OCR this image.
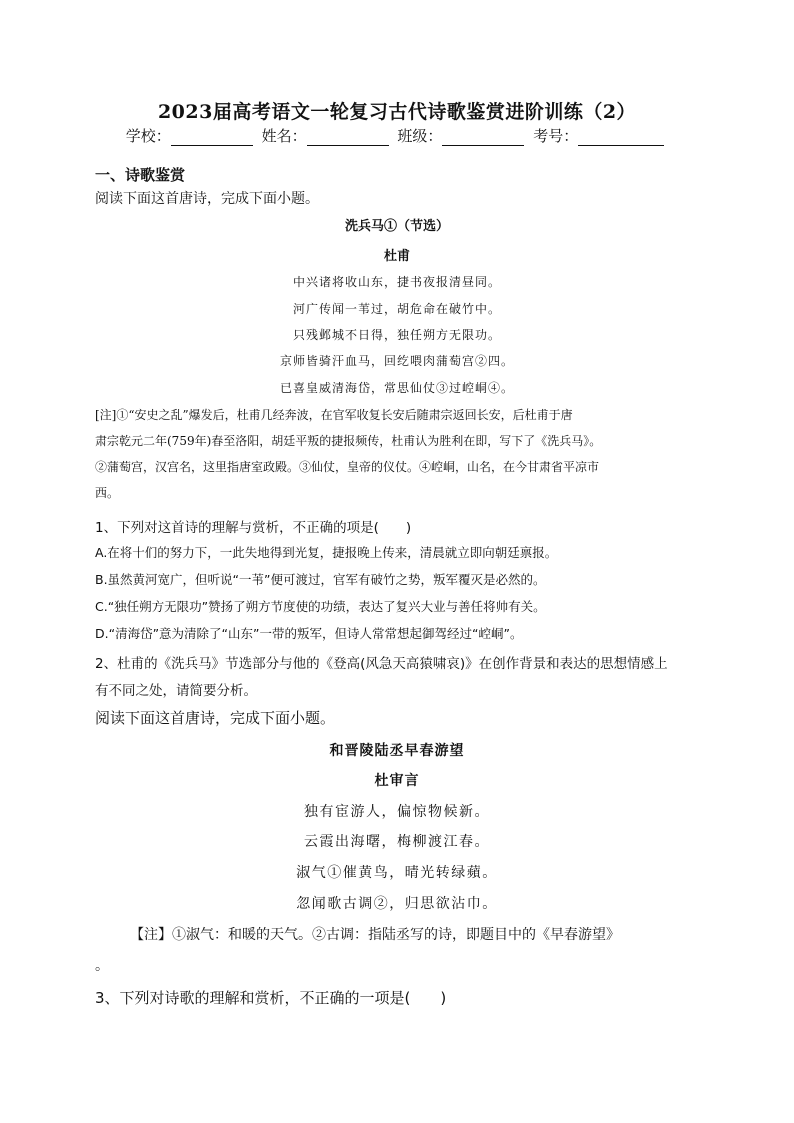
2023届高考语文一轮复习古代诗歌鉴赏进阶训练（2）
学校：	姓名：	班级：	考号：
一、诗歌鉴赏
阅读下面这首唐诗，完成下面小题。
洗兵马①（节选）
杜甫
中兴诸将收山东，捷书夜报清昼同。
河广传闻一苇过，胡危命在破竹中。
只残邺城不日得，独任朔方无限功。
京师皆骑汗血马，回纥喂肉蒲萄宫②四。
已喜皇威清海岱，常思仙仗③过崆峒④。
[注]①“安史之乱”爆发后，杜甫几经奔波，在官军收复长安后随肃宗返回长安，后杜甫于唐
肃宗乾元二年(759年)春至洛阳，胡廷平叛的捷报频传，杜甫认为胜利在即，写下了《洗兵马》。
②蒲萄宫，汉宫名，这里指唐室政殿。③仙仗，皇帝的仪仗。④崆峒，山名，在今甘肃省平凉市
西。
1、下列对这首诗的理解与赏析，不正确的项是(　　)
A.在将十们的努力下，一此失地得到光复，捷报晚上传来，清晨就立即向朝廷禀报。
B.虽然黄河宽广，但听说“一苇”便可渡过，官军有破竹之势，叛军覆灭是必然的。
C.“独任朔方无限功”赞扬了朔方节度使的功绩，表达了复兴大业与善任将帅有关。
D.“清海岱”意为清除了“山东”一带的叛军，但诗人常常想起御驾经过“崆峒”。
2、杜甫的《洗兵马》节选部分与他的《登高(风急天高猿啸哀)》在创作背景和表达的思想情感上
有不同之处，请简要分析。
阅读下面这首唐诗，完成下面小题。
和晋陵陆丞早春游望
杜审言
独有宦游人，偏惊物候新。
云霞出海曙，梅柳渡江春。
淑气①催黄鸟，晴光转绿蘋。
忽闻歌古调②，归思欲沾巾。
【注】①淑气：和暖的天气。②古调：指陆丞写的诗，即题目中的《早春游望》
。
3、下列对诗歌的理解和赏析，不正确的一项是(　　)
